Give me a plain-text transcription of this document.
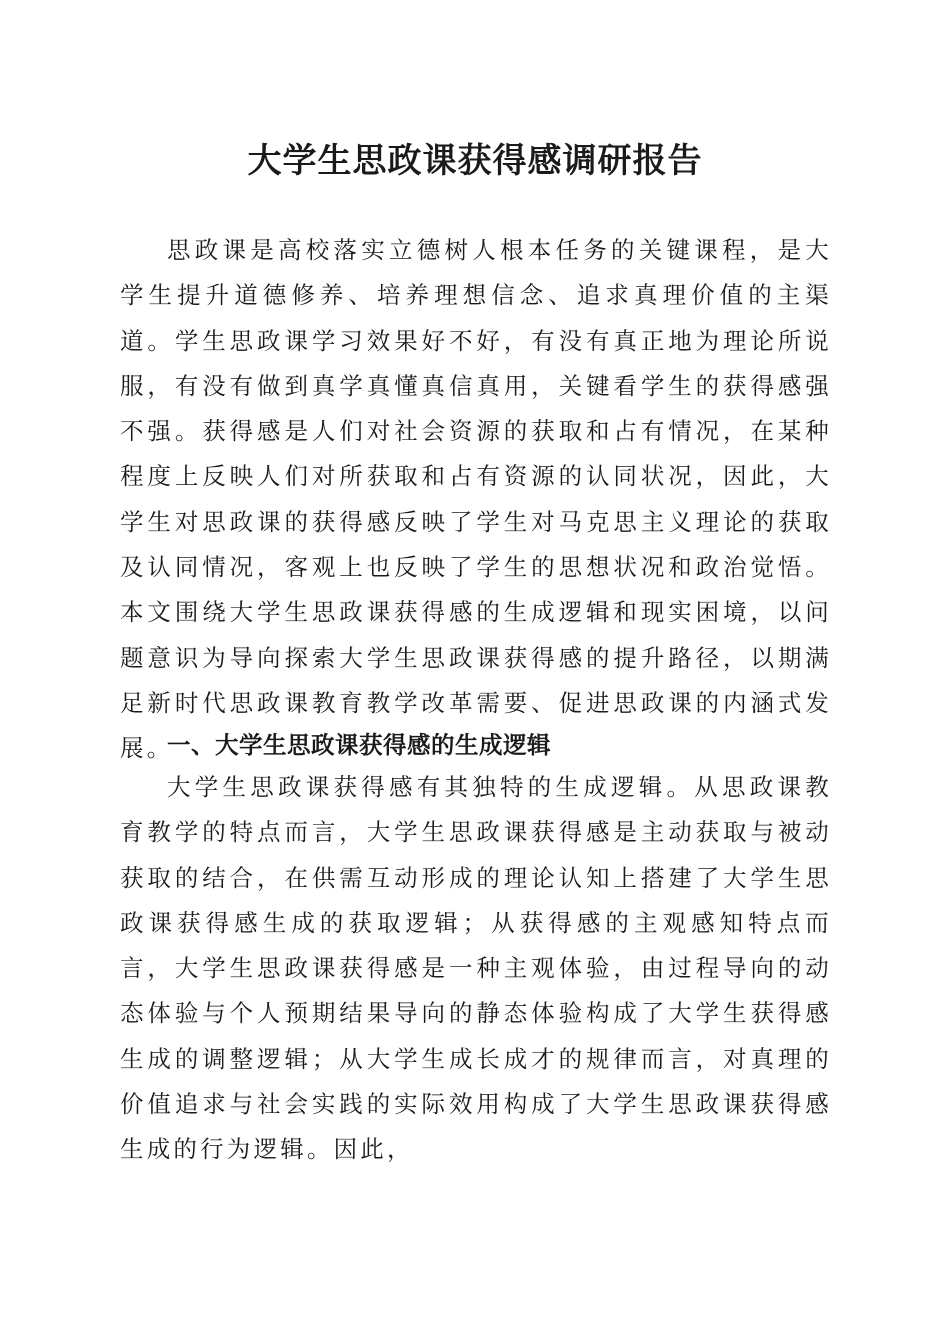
大学生思政课获得感调研报告
思政课是高校落实立德树人根本任务的关键课程，是大学生提升道德修养、培养理想信念、追求真理价值的主渠道。学生思政课学习效果好不好，有没有真正地为理论所说服，有没有做到真学真懂真信真用，关键看学生的获得感强不强。获得感是人们对社会资源的获取和占有情况，在某种程度上反映人们对所获取和占有资源的认同状况，因此，大学生对思政课的获得感反映了学生对马克思主义理论的获取及认同情况，客观上也反映了学生的思想状况和政治觉悟。本文围绕大学生思政课获得感的生成逻辑和现实困境，以问题意识为导向探索大学生思政课获得感的提升路径，以期满足新时代思政课教育教学改革需要、促进思政课的内涵式发展。
一、大学生思政课获得感的生成逻辑
大学生思政课获得感有其独特的生成逻辑。从思政课教育教学的特点而言，大学生思政课获得感是主动获取与被动获取的结合，在供需互动形成的理论认知上搭建了大学生思政课获得感生成的获取逻辑；从获得感的主观感知特点而言，大学生思政课获得感是一种主观体验，由过程导向的动态体验与个人预期结果导向的静态体验构成了大学生获得感生成的调整逻辑；从大学生成长成才的规律而言，对真理的价值追求与社会实践的实际效用构成了大学生思政课获得感生成的行为逻辑。因此，
